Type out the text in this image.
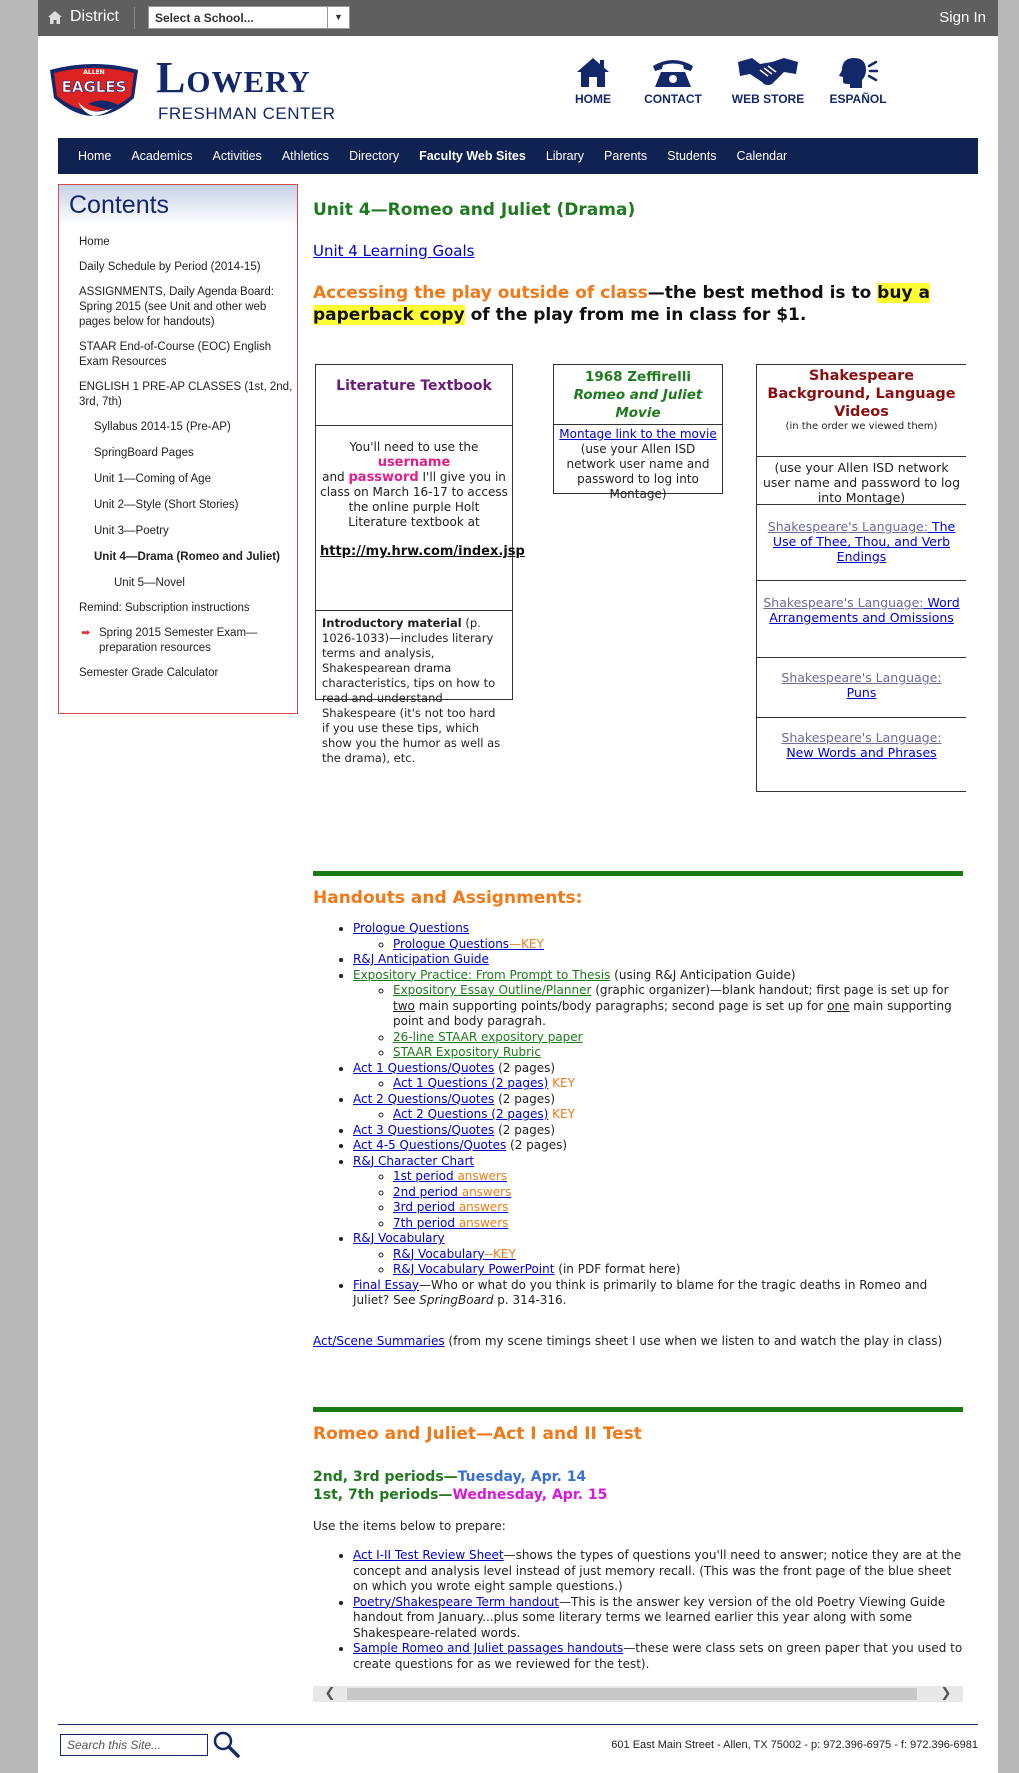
District	Select a School...	▼	Sign In
ALLEN
EAGLES Lowery
FRESHMAN CENTER
HOME	CONTACT	WEB STORE	ESPAÑOL
Home	Academics	Activities	Athletics	Directory	Faculty Web Sites	Library	Parents	Students	Calendar
Contents
Home
Daily Schedule by Period (2014-15)
ASSIGNMENTS, Daily Agenda Board: Spring 2015 (see Unit and other web pages below for handouts)
STAAR End-of-Course (EOC) English Exam Resources
ENGLISH 1 PRE-AP CLASSES (1st, 2nd, 3rd, 7th)
Syllabus 2014-15 (Pre-AP)
SpringBoard Pages
Unit 1—Coming of Age
Unit 2—Style (Short Stories)
Unit 3—Poetry
Unit 4—Drama (Romeo and Juliet)
Unit 5—Novel
Remind: Subscription instructions
➡ Spring 2015 Semester Exam—preparation resources
Semester Grade Calculator
Unit 4—Romeo and Juliet (Drama)
Unit 4 Learning Goals
Accessing the play outside of class—the best method is to buy a
paperback copy of the play from me in class for $1.
Literature Textbook
You'll need to use the username
and password I'll give you in class on March 16-17 to access the online purple Holt Literature textbook at
http://my.hrw.com/index.jsp
Introductory material (p. 1026-1033)—includes literary terms and analysis, Shakespearean drama characteristics, tips on how to read and understand Shakespeare (it's not too hard if you use these tips, which show you the humor as well as the drama), etc.
1968 Zeffirelli
Romeo and Juliet Movie
Montage link to the movie
(use your Allen ISD network user name and password to log into Montage)
Shakespeare Background, Language Videos
(in the order we viewed them)
(use your Allen ISD network user name and password to log into Montage)
Shakespeare's Language: The Use of Thee, Thou, and Verb Endings
Shakespeare's Language: Word Arrangements and Omissions
Shakespeare's Language:
Puns
Shakespeare's Language:
New Words and Phrases
Handouts and Assignments:
• Prologue Questions
◦ Prologue Questions—KEY
• R&J Anticipation Guide
• Expository Practice: From Prompt to Thesis (using R&J Anticipation Guide)
◦ Expository Essay Outline/Planner (graphic organizer)—blank handout; first page is set up for two main supporting points/body paragraphs; second page is set up for one main supporting point and body paragrah.
◦ 26-line STAAR expository paper
◦ STAAR Expository Rubric
• Act 1 Questions/Quotes (2 pages)
◦ Act 1 Questions (2 pages) KEY
• Act 2 Questions/Quotes (2 pages)
◦ Act 2 Questions (2 pages) KEY
• Act 3 Questions/Quotes (2 pages)
• Act 4-5 Questions/Quotes (2 pages)
• R&J Character Chart
◦ 1st period answers
◦ 2nd period answers
◦ 3rd period answers
◦ 7th period answers
• R&J Vocabulary
◦ R&J Vocabulary--KEY
◦ R&J Vocabulary PowerPoint (in PDF format here)
• Final Essay—Who or what do you think is primarily to blame for the tragic deaths in Romeo and Juliet? See SpringBoard p. 314-316.
Act/Scene Summaries (from my scene timings sheet I use when we listen to and watch the play in class)
Romeo and Juliet—Act I and II Test
2nd, 3rd periods—Tuesday, Apr. 14
1st, 7th periods—Wednesday, Apr. 15
Use the items below to prepare:
• Act I-II Test Review Sheet—shows the types of questions you'll need to answer; notice they are at the concept and analysis level instead of just memory recall. (This was the front page of the blue sheet on which you wrote eight sample questions.)
• Poetry/Shakespeare Term handout—This is the answer key version of the old Poetry Viewing Guide handout from January...plus some literary terms we learned earlier this year along with some Shakespeare-related words.
• Sample Romeo and Juliet passages handouts—these were class sets on green paper that you used to create questions for as we reviewed for the test).
❮	❯
Search this Site...	601 East Main Street - Allen, TX 75002 - p: 972.396-6975 - f: 972.396-6981
